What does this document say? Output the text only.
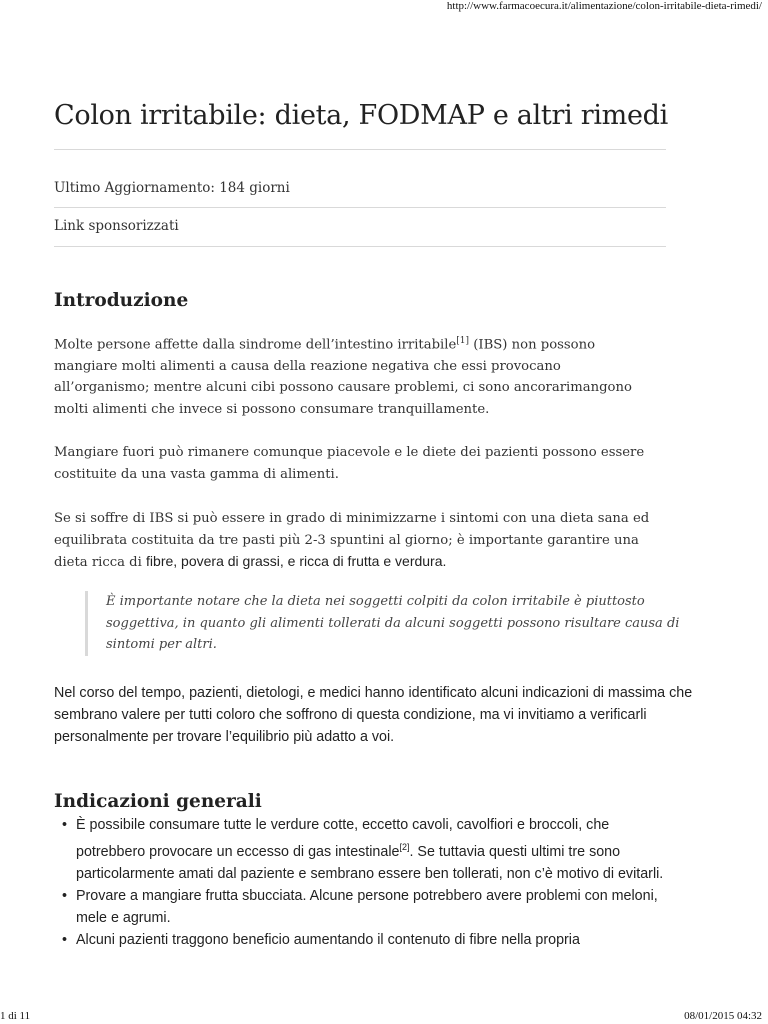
http://www.farmacoecura.it/alimentazione/colon-irritabile-dieta-rimedi/
Colon irritabile: dieta, FODMAP e altri rimedi
Ultimo Aggiornamento: 184 giorni
Link sponsorizzati
Introduzione

Molte persone affette dalla sindrome dell’intestino irritabile[1] (IBS) non possono mangiare molti alimenti a causa della reazione negativa che essi provocano all’organismo; mentre alcuni cibi possono causare problemi, ci sono ancorarimangono molti alimenti che invece si possono consumare tranquillamente.

Mangiare fuori può rimanere comunque piacevole e le diete dei pazienti possono essere costituite da una vasta gamma di alimenti.

Se si soffre di IBS si può essere in grado di minimizzarne i sintomi con una dieta sana ed equilibrata costituita da tre pasti più 2-3 spuntini al giorno; è importante garantire una dieta ricca di ﬁbre, povera di grassi, e ricca di frutta e verdura.

È importante notare che la dieta nei soggetti colpiti da colon irritabile è piuttosto soggettiva, in quanto gli alimenti tollerati da alcuni soggetti possono risultare causa di sintomi per altri.

Nel corso del tempo, pazienti, dietologi, e medici hanno identiﬁcato alcuni indicazioni di massima che sembrano valere per tutti coloro che soffrono di questa condizione, ma vi invitiamo a veriﬁcarli personalmente per trovare l’equilibrio più adatto a voi.

Indicazioni generali
• È possibile consumare tutte le verdure cotte, eccetto cavoli, cavolﬁori e broccoli, che potrebbero provocare un eccesso di gas intestinale[2]. Se tuttavia questi ultimi tre sono particolarmente amati dal paziente e sembrano essere ben tollerati, non c’è motivo di evitarli.
• Provare a mangiare frutta sbucciata. Alcune persone potrebbero avere problemi con meloni, mele e agrumi.
• Alcuni pazienti traggono beneﬁcio aumentando il contenuto di ﬁbre nella propria
1 di 11	08/01/2015 04:32
